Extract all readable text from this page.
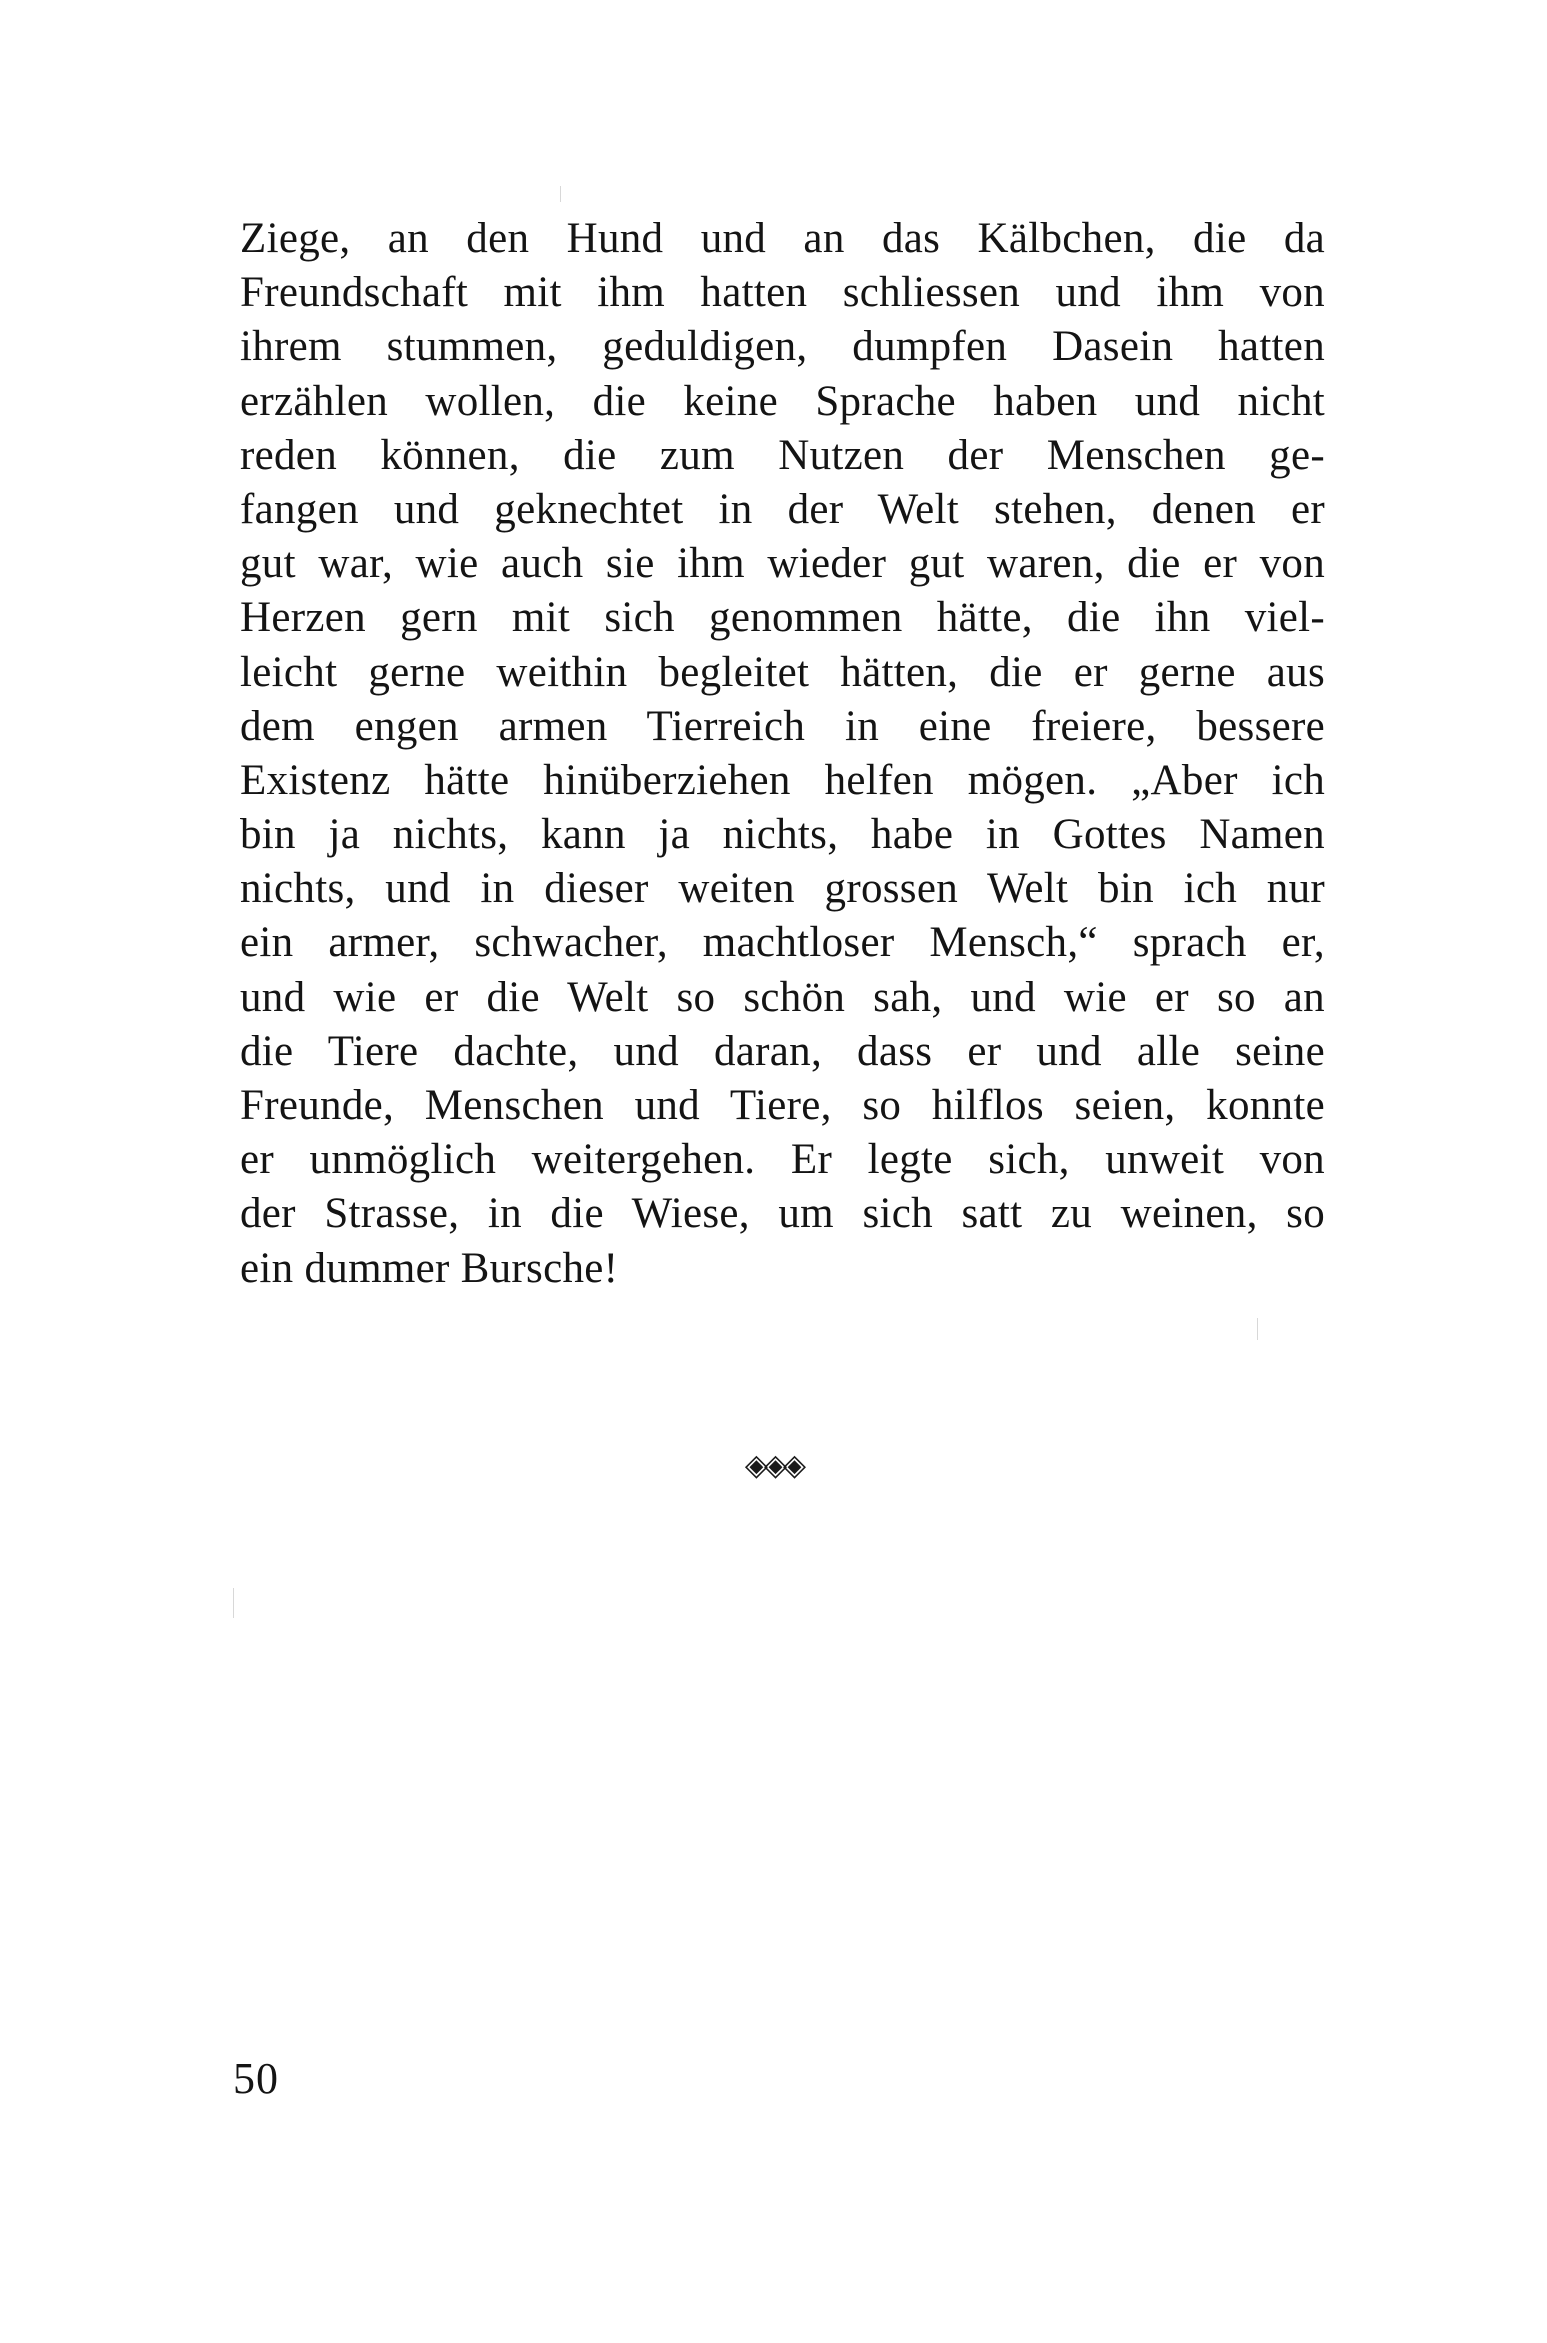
Ziege, an den Hund und an das Kälbchen, die da
Freundschaft mit ihm hatten schliessen und ihm von
ihrem stummen, geduldigen, dumpfen Dasein hatten
erzählen wollen, die keine Sprache haben und nicht
reden können, die zum Nutzen der Menschen ge-
fangen und geknechtet in der Welt stehen, denen er
gut war, wie auch sie ihm wieder gut waren, die er von
Herzen gern mit sich genommen hätte, die ihn viel-
leicht gerne weithin begleitet hätten, die er gerne aus
dem engen armen Tierreich in eine freiere, bessere
Existenz hätte hinüberziehen helfen mögen. „Aber ich
bin ja nichts, kann ja nichts, habe in Gottes Namen
nichts, und in dieser weiten grossen Welt bin ich nur
ein armer, schwacher, machtloser Mensch,“ sprach er,
und wie er die Welt so schön sah, und wie er so an
die Tiere dachte, und daran, dass er und alle seine
Freunde, Menschen und Tiere, so hilflos seien, konnte
er unmöglich weitergehen. Er legte sich, unweit von
der Strasse, in die Wiese, um sich satt zu weinen, so
ein dummer Bursche!
◈◈◈
50
